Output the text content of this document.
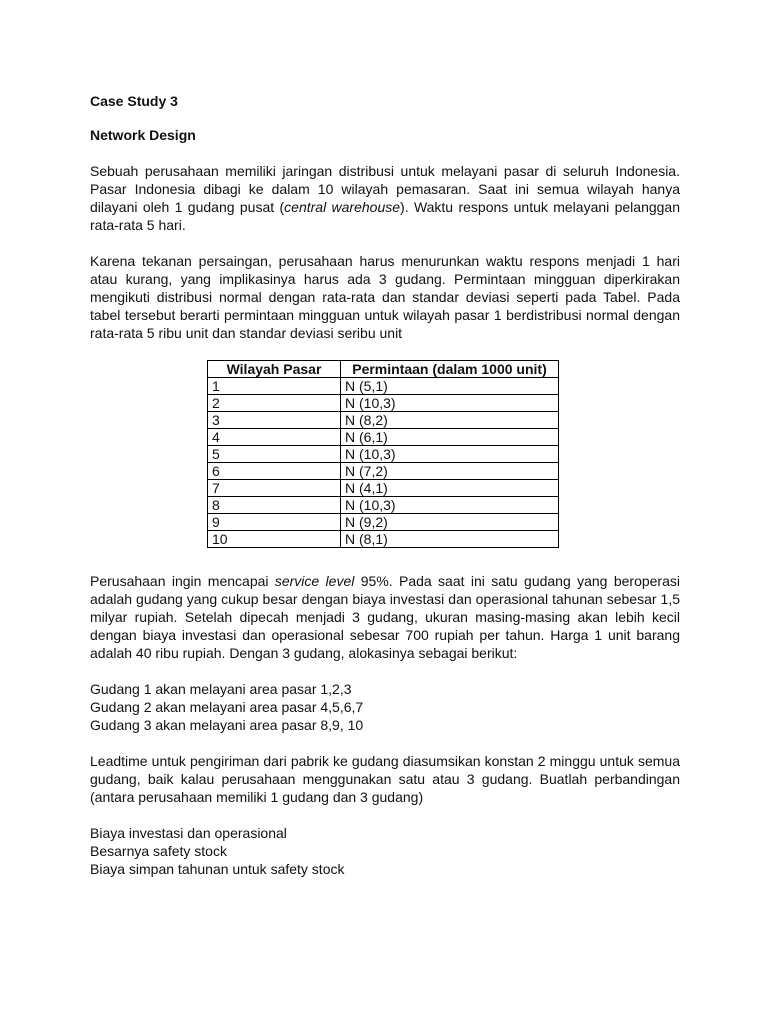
Case Study 3
Network Design

Sebuah perusahaan memiliki jaringan distribusi untuk melayani pasar di seluruh Indonesia. Pasar Indonesia dibagi ke dalam 10 wilayah pemasaran. Saat ini semua wilayah hanya dilayani oleh 1 gudang pusat (central warehouse). Waktu respons untuk melayani pelanggan rata-rata 5 hari.

Karena tekanan persaingan, perusahaan harus menurunkan waktu respons menjadi 1 hari atau kurang, yang implikasinya harus ada 3 gudang. Permintaan mingguan diperkirakan mengikuti distribusi normal dengan rata-rata dan standar deviasi seperti pada Tabel. Pada tabel tersebut berarti permintaan mingguan untuk wilayah pasar 1 berdistribusi normal dengan rata-rata 5 ribu unit dan standar deviasi seribu unit

Wilayah Pasar	Permintaan (dalam 1000 unit)
1	N (5,1)
2	N (10,3)
3	N (8,2)
4	N (6,1)
5	N (10,3)
6	N (7,2)
7	N (4,1)
8	N (10,3)
9	N (9,2)
10	N (8,1)

Perusahaan ingin mencapai service level 95%. Pada saat ini satu gudang yang beroperasi adalah gudang yang cukup besar dengan biaya investasi dan operasional tahunan sebesar 1,5 milyar rupiah. Setelah dipecah menjadi 3 gudang, ukuran masing-masing akan lebih kecil dengan biaya investasi dan operasional sebesar 700 rupiah per tahun. Harga 1 unit barang adalah 40 ribu rupiah. Dengan 3 gudang, alokasinya sebagai berikut:

Gudang 1 akan melayani area pasar 1,2,3
Gudang 2 akan melayani area pasar 4,5,6,7
Gudang 3 akan melayani area pasar 8,9, 10

Leadtime untuk pengiriman dari pabrik ke gudang diasumsikan konstan 2 minggu untuk semua gudang, baik kalau perusahaan menggunakan satu atau 3 gudang. Buatlah perbandingan (antara perusahaan memiliki 1 gudang dan 3 gudang)

Biaya investasi dan operasional
Besarnya safety stock
Biaya simpan tahunan untuk safety stock
